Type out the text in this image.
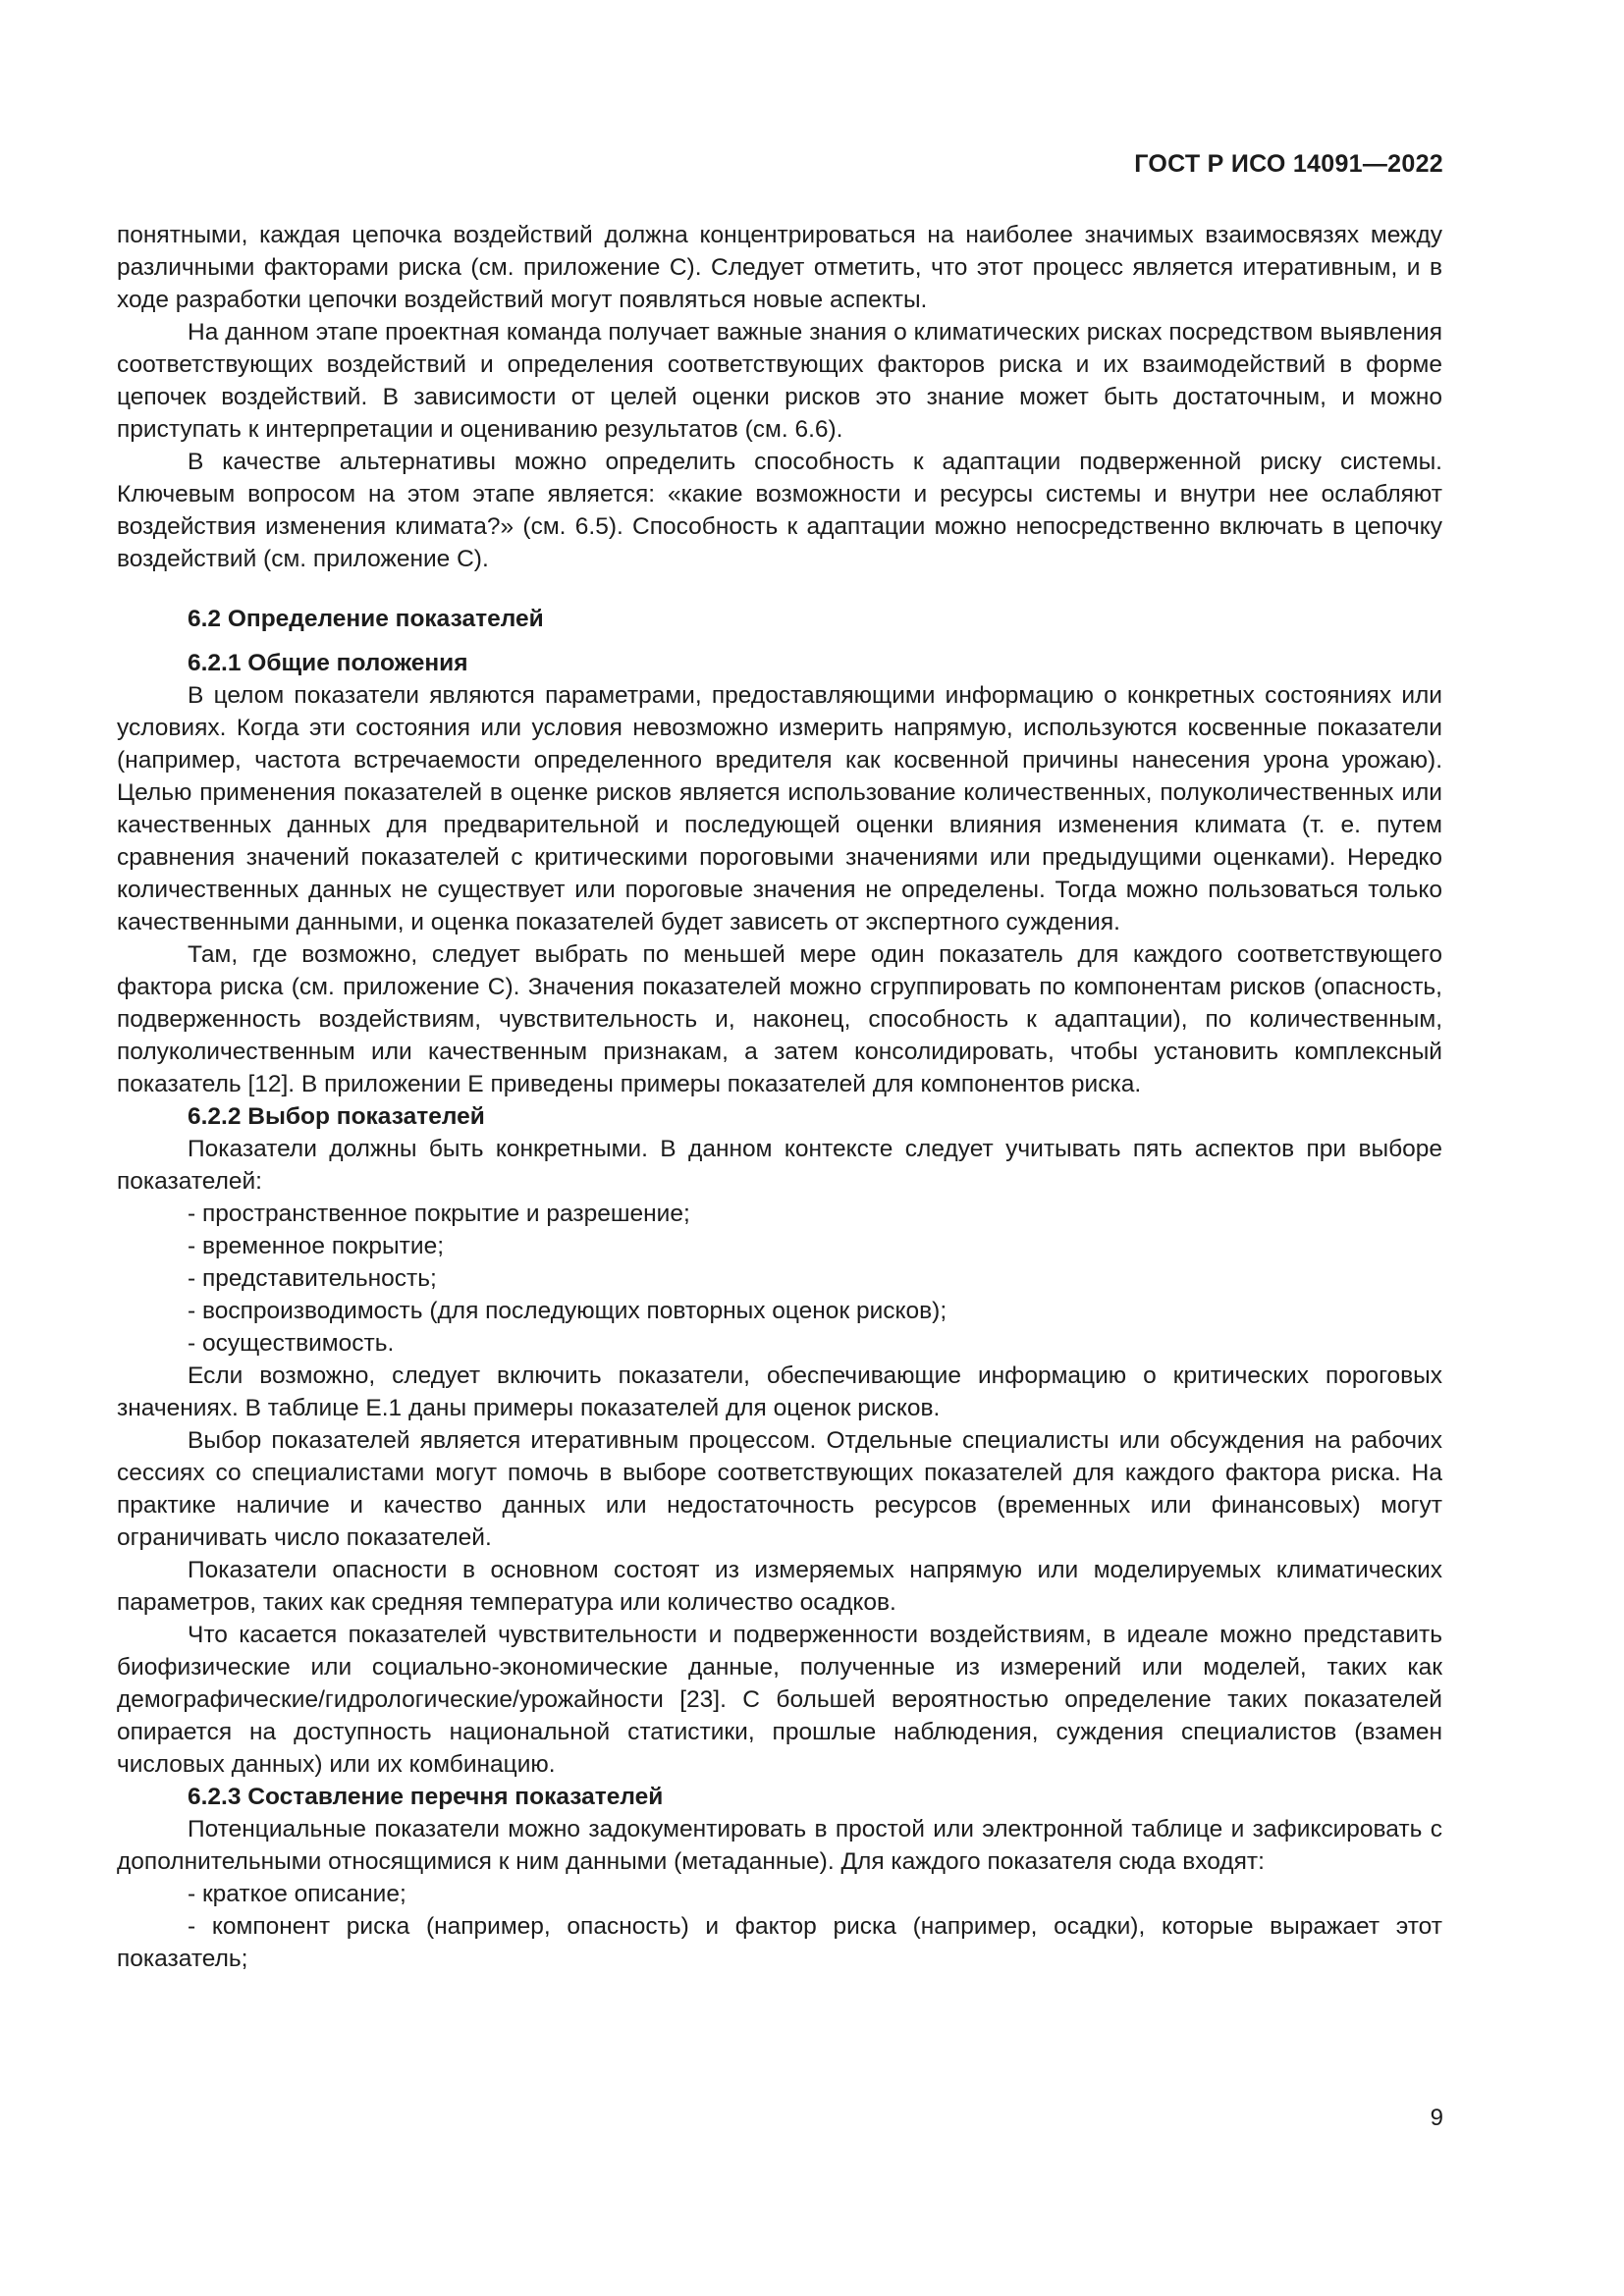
ГОСТ Р ИСО 14091—2022

понятными, каждая цепочка воздействий должна концентрироваться на наиболее значимых взаимосвязях между различными факторами риска (см. приложение С). Следует отметить, что этот процесс является итеративным, и в ходе разработки цепочки воздействий могут появляться новые аспекты.

На данном этапе проектная команда получает важные знания о климатических рисках посредством выявления соответствующих воздействий и определения соответствующих факторов риска и их взаимодействий в форме цепочек воздействий. В зависимости от целей оценки рисков это знание может быть достаточным, и можно приступать к интерпретации и оцениванию результатов (см. 6.6).

В качестве альтернативы можно определить способность к адаптации подверженной риску системы. Ключевым вопросом на этом этапе является: «какие возможности и ресурсы системы и внутри нее ослабляют воздействия изменения климата?» (см. 6.5). Способность к адаптации можно непосредственно включать в цепочку воздействий (см. приложение С).

6.2 Определение показателей

6.2.1 Общие положения

В целом показатели являются параметрами, предоставляющими информацию о конкретных состояниях или условиях. Когда эти состояния или условия невозможно измерить напрямую, используются косвенные показатели (например, частота встречаемости определенного вредителя как косвенной причины нанесения урона урожаю). Целью применения показателей в оценке рисков является использование количественных, полуколичественных или качественных данных для предварительной и последующей оценки влияния изменения климата (т. е. путем сравнения значений показателей с критическими пороговыми значениями или предыдущими оценками). Нередко количественных данных не существует или пороговые значения не определены. Тогда можно пользоваться только качественными данными, и оценка показателей будет зависеть от экспертного суждения.

Там, где возможно, следует выбрать по меньшей мере один показатель для каждого соответствующего фактора риска (см. приложение С). Значения показателей можно сгруппировать по компонентам рисков (опасность, подверженность воздействиям, чувствительность и, наконец, способность к адаптации), по количественным, полуколичественным или качественным признакам, а затем консолидировать, чтобы установить комплексный показатель [12]. В приложении Е приведены примеры показателей для компонентов риска.

6.2.2 Выбор показателей

Показатели должны быть конкретными. В данном контексте следует учитывать пять аспектов при выборе показателей:

- пространственное покрытие и разрешение;

- временное покрытие;

- представительность;

- воспроизводимость (для последующих повторных оценок рисков);

- осуществимость.

Если возможно, следует включить показатели, обеспечивающие информацию о критических пороговых значениях. В таблице Е.1 даны примеры показателей для оценок рисков.

Выбор показателей является итеративным процессом. Отдельные специалисты или обсуждения на рабочих сессиях со специалистами могут помочь в выборе соответствующих показателей для каждого фактора риска. На практике наличие и качество данных или недостаточность ресурсов (временных или финансовых) могут ограничивать число показателей.

Показатели опасности в основном состоят из измеряемых напрямую или моделируемых климатических параметров, таких как средняя температура или количество осадков.

Что касается показателей чувствительности и подверженности воздействиям, в идеале можно представить биофизические или социально-экономические данные, полученные из измерений или моделей, таких как демографические/гидрологические/урожайности [23]. С большей вероятностью определение таких показателей опирается на доступность национальной статистики, прошлые наблюдения, суждения специалистов (взамен числовых данных) или их комбинацию.

6.2.3 Составление перечня показателей

Потенциальные показатели можно задокументировать в простой или электронной таблице и зафиксировать с дополнительными относящимися к ним данными (метаданные). Для каждого показателя сюда входят:

- краткое описание;

- компонент риска (например, опасность) и фактор риска (например, осадки), которые выражает этот показатель;

9
